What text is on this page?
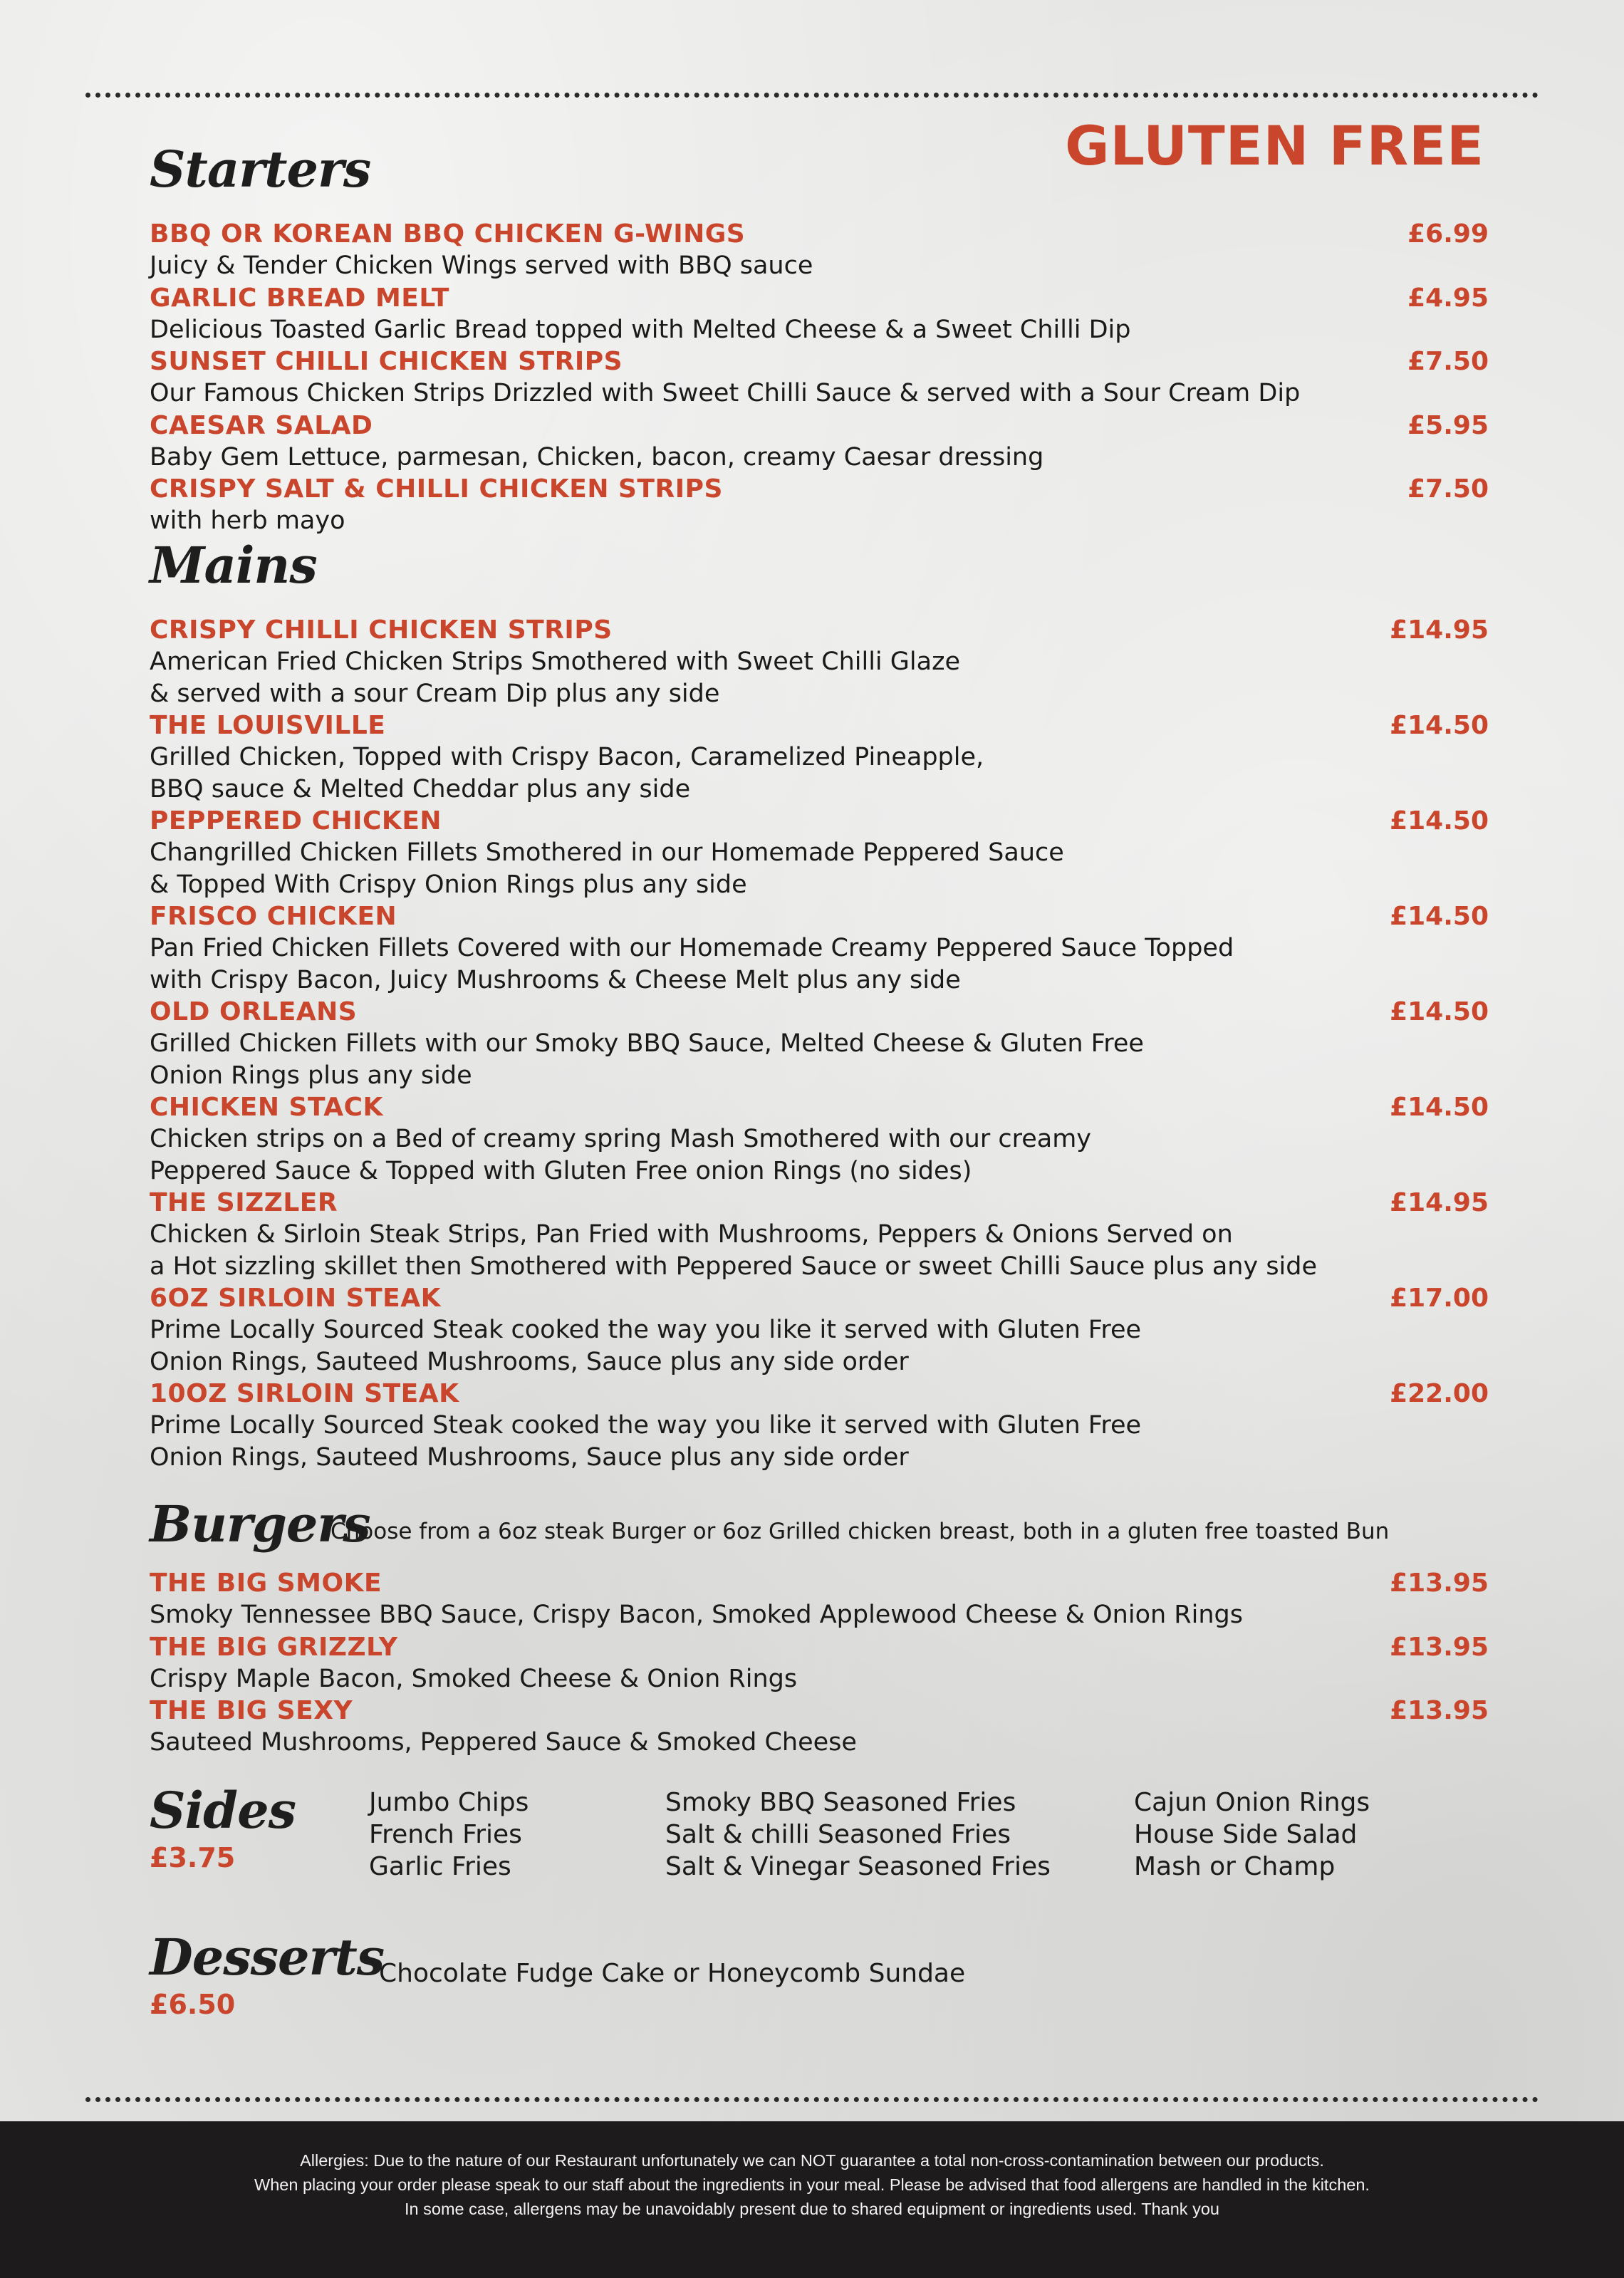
GLUTEN FREE
Starters
BBQ OR KOREAN BBQ CHICKEN G-WINGS	£6.99
Juicy & Tender Chicken Wings served with BBQ sauce
GARLIC BREAD MELT	£4.95
Delicious Toasted Garlic Bread topped with Melted Cheese & a Sweet Chilli Dip
SUNSET CHILLI CHICKEN STRIPS	£7.50
Our Famous Chicken Strips Drizzled with Sweet Chilli Sauce & served with a Sour Cream Dip
CAESAR SALAD	£5.95
Baby Gem Lettuce, parmesan, Chicken, bacon, creamy Caesar dressing
CRISPY SALT & CHILLI CHICKEN STRIPS	£7.50
with herb mayo
Mains
CRISPY CHILLI CHICKEN STRIPS	£14.95
American Fried Chicken Strips Smothered with Sweet Chilli Glaze
& served with a sour Cream Dip plus any side
THE LOUISVILLE	£14.50
Grilled Chicken, Topped with Crispy Bacon, Caramelized Pineapple,
BBQ sauce & Melted Cheddar plus any side
PEPPERED CHICKEN	£14.50
Changrilled Chicken Fillets Smothered in our Homemade Peppered Sauce
& Topped With Crispy Onion Rings plus any side
FRISCO CHICKEN	£14.50
Pan Fried Chicken Fillets Covered with our Homemade Creamy Peppered Sauce Topped
with Crispy Bacon, Juicy Mushrooms & Cheese Melt plus any side
OLD ORLEANS	£14.50
Grilled Chicken Fillets with our Smoky BBQ Sauce, Melted Cheese & Gluten Free
Onion Rings plus any side
CHICKEN STACK	£14.50
Chicken strips on a Bed of creamy spring Mash Smothered with our creamy
Peppered Sauce & Topped with Gluten Free onion Rings (no sides)
THE SIZZLER	£14.95
Chicken & Sirloin Steak Strips, Pan Fried with Mushrooms, Peppers & Onions Served on
a Hot sizzling skillet then Smothered with Peppered Sauce or sweet Chilli Sauce plus any side
6OZ SIRLOIN STEAK	£17.00
Prime Locally Sourced Steak cooked the way you like it served with Gluten Free
Onion Rings, Sauteed Mushrooms, Sauce plus any side order
10OZ SIRLOIN STEAK	£22.00
Prime Locally Sourced Steak cooked the way you like it served with Gluten Free
Onion Rings, Sauteed Mushrooms, Sauce plus any side order
Burgers
Choose from a 6oz steak Burger or 6oz Grilled chicken breast, both in a gluten free toasted Bun
THE BIG SMOKE	£13.95
Smoky Tennessee BBQ Sauce, Crispy Bacon, Smoked Applewood Cheese & Onion Rings
THE BIG GRIZZLY	£13.95
Crispy Maple Bacon, Smoked Cheese & Onion Rings
THE BIG SEXY	£13.95
Sauteed Mushrooms, Peppered Sauce & Smoked Cheese
Sides
£3.75
Jumbo Chips
French Fries
Garlic Fries
Smoky BBQ Seasoned Fries
Salt & chilli Seasoned Fries
Salt & Vinegar Seasoned Fries
Cajun Onion Rings
House Side Salad
Mash or Champ
Desserts
£6.50
Chocolate Fudge Cake or Honeycomb Sundae
Allergies: Due to the nature of our Restaurant unfortunately we can NOT guarantee a total non-cross-contamination between our products.
When placing your order please speak to our staff about the ingredients in your meal. Please be advised that food allergens are handled in the kitchen.
In some case, allergens may be unavoidably present due to shared equipment or ingredients used. Thank you
